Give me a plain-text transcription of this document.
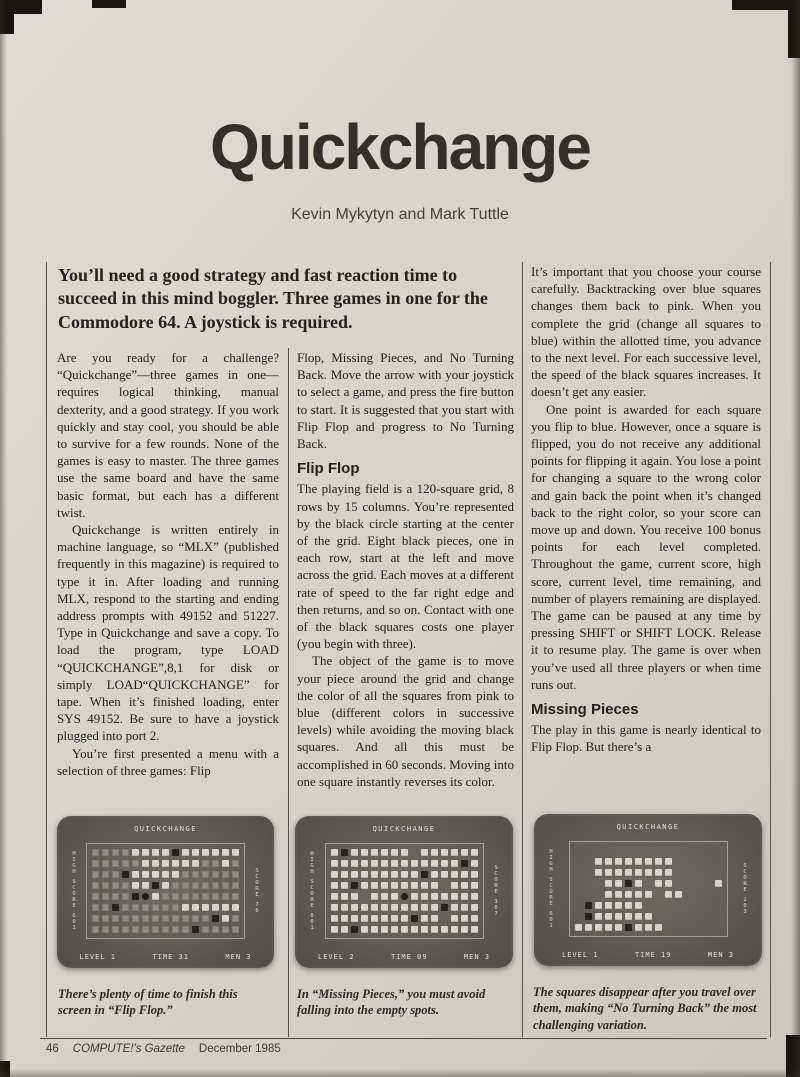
Quickchange
Kevin Mykytyn and Mark Tuttle
You’ll need a good strategy and fast reaction time to succeed in this mind boggler. Three games in one for the Commodore 64. A joystick is required.

Are you ready for a challenge? “Quickchange”—three games in one—requires logical thinking, manual dexterity, and a good strategy. If you work quickly and stay cool, you should be able to survive for a few rounds. None of the games is easy to master. The three games use the same board and have the same basic format, but each has a different twist.

Quickchange is written entirely in machine language, so “MLX” (published frequently in this magazine) is required to type it in. After loading and running MLX, respond to the starting and ending address prompts with 49152 and 51227. Type in Quickchange and save a copy. To load the program, type LOAD “QUICKCHANGE”,8,1 for disk or simply LOAD“QUICKCHANGE” for tape. When it’s finished loading, enter SYS 49152. Be sure to have a joystick plugged into port 2.

You’re first presented a menu with a selection of three games: Flip

Flop, Missing Pieces, and No Turning Back. Move the arrow with your joystick to select a game, and press the fire button to start. It is suggested that you start with Flip Flop and progress to No Turning Back.

Flip Flop

The playing field is a 120-square grid, 8 rows by 15 columns. You’re represented by the black circle starting at the center of the grid. Eight black pieces, one in each row, start at the left and move across the grid. Each moves at a different rate of speed to the far right edge and then returns, and so on. Contact with one of the black squares costs one player (you begin with three).

The object of the game is to move your piece around the grid and change the color of all the squares from pink to blue (different colors in successive levels) while avoiding the moving black squares. And all this must be accomplished in 60 seconds. Moving into one square instantly reverses its color.

It’s important that you choose your course carefully. Backtracking over blue squares changes them back to pink. When you complete the grid (change all squares to blue) within the allotted time, you advance to the next level. For each successive level, the speed of the black squares increases. It doesn’t get any easier.

One point is awarded for each square you flip to blue. However, once a square is flipped, you do not receive any additional points for flipping it again. You lose a point for changing a square to the wrong color and gain back the point when it’s changed back to the right color, so your score can move up and down. You receive 100 bonus points for each level completed. Throughout the game, current score, high score, current level, time remaining, and number of players remaining are displayed. The game can be paused at any time by pressing SHIFT or SHIFT LOCK. Release it to resume play. The game is over when you’ve used all three players or when time runs out.

Missing Pieces

The play in this game is nearly identical to Flip Flop. But there’s a

QUICKCHANGE
H
I
G
H
S
C
O
R
E
6
0
1
S
C
O
R
E
7
6
LEVEL 1	TIME 31	MEN 3
QUICKCHANGE
H
I
G
H
S
C
O
R
E
6
0
1
S
C
O
R
E
3
0
7
LEVEL 2	TIME 09	MEN 3
QUICKCHANGE
H
I
G
H
S
C
O
R
E
6
0
1
S
C
O
R
E
2
0
3
LEVEL 1	TIME 19	MEN 3
There’s plenty of time to finish this screen in “Flip Flop.”
In “Missing Pieces,” you must avoid falling into the empty spots.
The squares disappear after you travel over them, making “No Turning Back” the most challenging variation.
46 COMPUTE!'s Gazette December 1985
